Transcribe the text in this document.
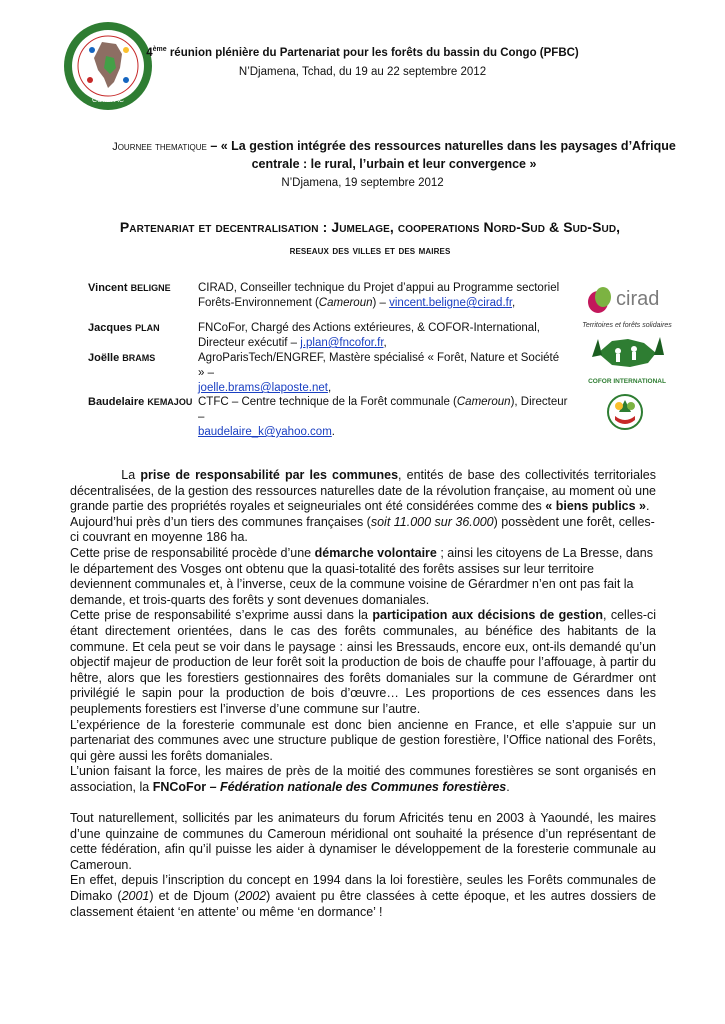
COMIFAC
4ème réunion plénière du Partenariat pour les forêts du bassin du Congo (PFBC)
N’Djamena, Tchad, du 19 au 22 septembre 2012
Journee thematique – « La gestion intégrée des ressources naturelles dans les paysages d’Afrique centrale : le rural, l’urbain et leur convergence »
N’Djamena, 19 septembre 2012
Partenariat et decentralisation : Jumelage, cooperations Nord-Sud & Sud-Sud,
reseaux des villes et des maires
Vincent BELIGNE CIRAD, Conseiller technique du Projet d’appui au Programme sectoriel
Forêts-Environnement (Cameroun) – vincent.beligne@cirad.fr,
Jacques PLAN	FNCoFor, Chargé des Actions extérieures, & COFOR-International,
Directeur exécutif – j.plan@fncofor.fr,
Joëlle BRAMS	AgroParisTech/ENGREF, Mastère spécialisé « Forêt, Nature et Société » –
joelle.brams@laposte.net,
Baudelaire KEMAJOU CTFC – Centre technique de la Forêt communale (Cameroun), Directeur –
baudelaire_k@yahoo.com.
cirad
Territoires et forêts solidaires
COFOR INTERNATIONAL

La prise de responsabilité par les communes, entités de base des collectivités territoriales décentralisées, de la gestion des ressources naturelles date de la révolution française, au moment où une grande partie des propriétés royales et seigneuriales ont été considérées comme des « biens publics ».

Aujourd’hui près d’un tiers des communes françaises (soit 11.000 sur 36.000) possèdent une forêt, celles-ci couvrant en moyenne 186 ha.

Cette prise de responsabilité procède d’une démarche volontaire ; ainsi les citoyens de La Bresse, dans le département des Vosges ont obtenu que la quasi-totalité des forêts assises sur leur territoire deviennent communales et, à l’inverse, ceux de la commune voisine de Gérardmer n’en ont pas fait la demande, et trois-quarts des forêts y sont devenues domaniales.

Cette prise de responsabilité s’exprime aussi dans la participation aux décisions de gestion, celles-ci étant directement orientées, dans le cas des forêts communales, au bénéfice des habitants de la commune. Et cela peut se voir dans le paysage : ainsi les Bressauds, encore eux, ont-ils demandé qu’un objectif majeur de production de leur forêt soit la production de bois de chauffe pour l’affouage, à partir du hêtre, alors que les forestiers gestionnaires des forêts domaniales sur la commune de Gérardmer ont privilégié le sapin pour la production de bois d’œuvre… Les proportions de ces essences dans les peuplements forestiers est l’inverse d’une commune sur l’autre.

L’expérience de la foresterie communale est donc bien ancienne en France, et elle s’appuie sur un partenariat des communes avec une structure publique de gestion forestière, l’Office national des Forêts, qui gère aussi les forêts domaniales.

L’union faisant la force, les maires de près de la moitié des communes forestières se sont organisés en association, la FNCoFor – Fédération nationale des Communes forestières.

Tout naturellement, sollicités par les animateurs du forum Africités tenu en 2003 à Yaoundé, les maires d’une quinzaine de communes du Cameroun méridional ont souhaité la présence d’un représentant de cette fédération, afin qu’il puisse les aider à dynamiser le développement de la foresterie communale au Cameroun.

En effet, depuis l’inscription du concept en 1994 dans la loi forestière, seules les Forêts communales de Dimako (2001) et de Djoum (2002) avaient pu être classées à cette époque, et les autres dossiers de classement étaient ‘en attente’ ou même ‘en dormance’ !
